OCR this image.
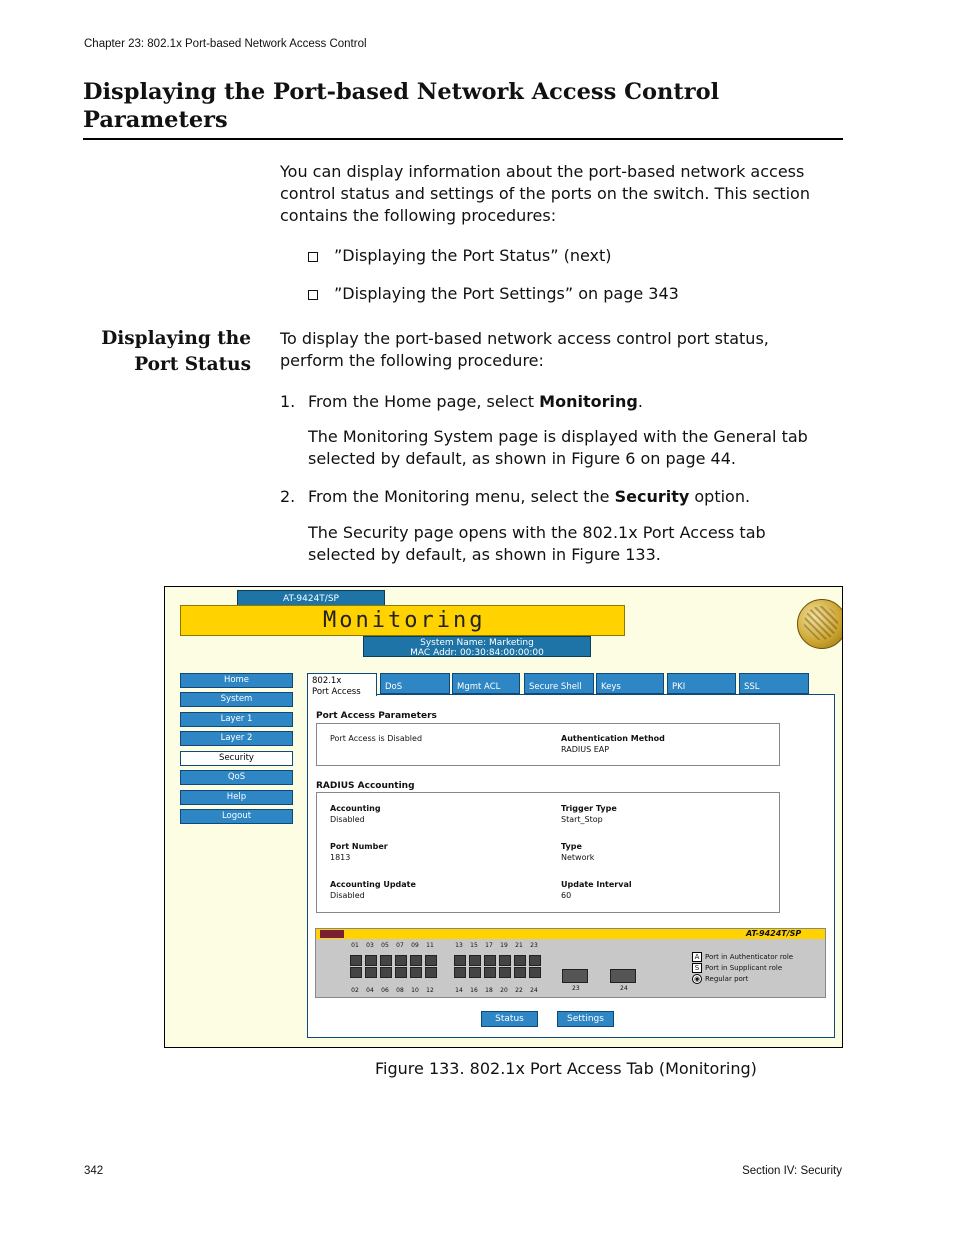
Chapter 23: 802.1x Port-based Network Access Control
Displaying the Port-based Network Access Control Parameters
You can display information about the port-based network access control status and settings of the ports on the switch. This section contains the following procedures:
”Displaying the Port Status” (next)
”Displaying the Port Settings” on page 343
Displaying the
Port Status
To display the port-based network access control port status, perform the following procedure:
1. From the Home page, select Monitoring.
The Monitoring System page is displayed with the General tab selected by default, as shown in Figure 6 on page 44.
2. From the Monitoring menu, select the Security option.
The Security page opens with the 802.1x Port Access tab selected by default, as shown in Figure 133.
AT-9424T/SP
Monitoring
System Name: Marketing
MAC Addr: 00:30:84:00:00:00
Home
System
Layer 1
Layer 2
Security
QoS
Help
Logout
802.1x
Port Access	DoS	Mgmt ACL	Secure Shell	Keys	PKI	SSL
Port Access Parameters
Port Access is Disabled	Authentication Method
RADIUS EAP
RADIUS Accounting
Accounting
Disabled
Trigger Type
Start_Stop
Port Number
1813
Type
Network
Accounting Update
Disabled
Update Interval
60
AT-9424T/SP
01	03	05	07	09	11	13	15	17	19	21	23
02	04	06	08	10	12	14	16	18	20	22	24	23	24
A Port in Authenticator role
S Port in Supplicant role
◉ Regular port
Status	Settings
Figure 133. 802.1x Port Access Tab (Monitoring)
342	Section IV: Security
